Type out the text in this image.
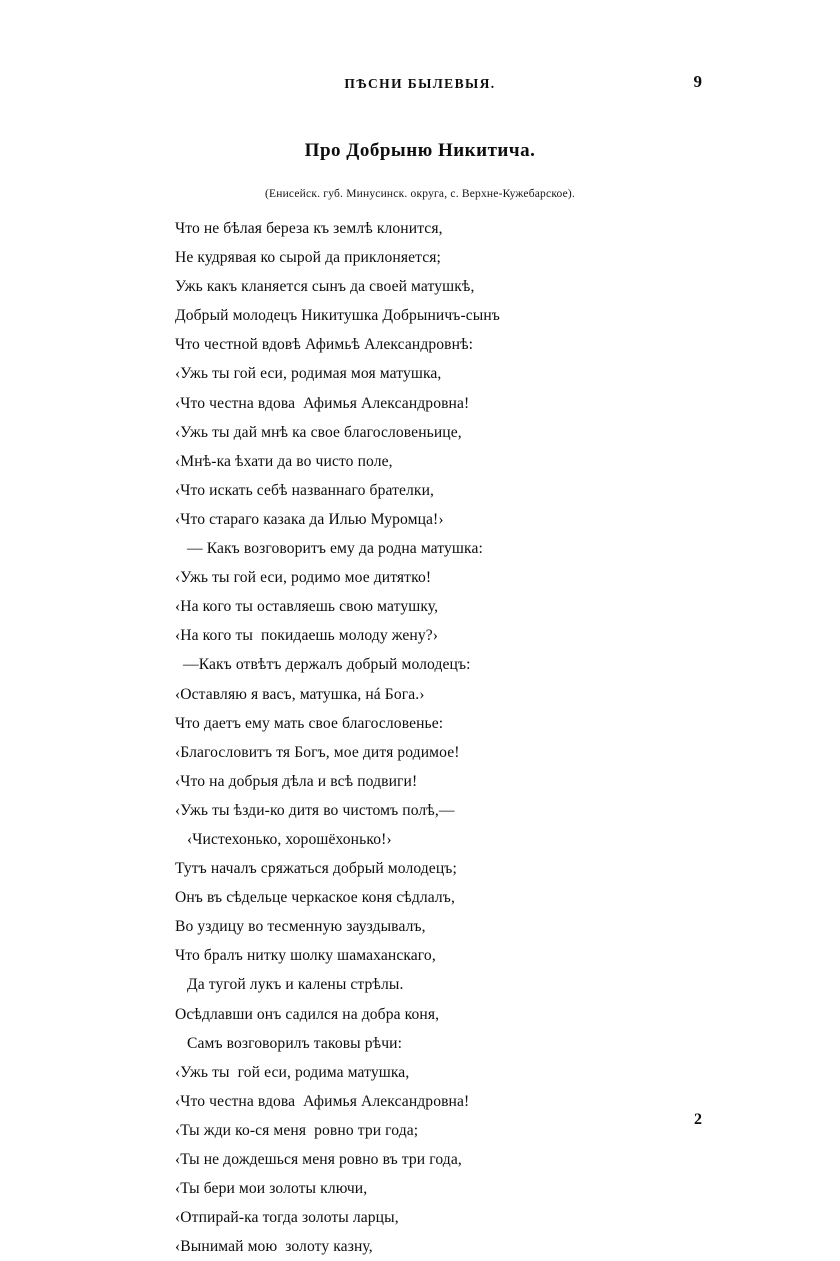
ПѢСНИ БЫЛЕВЫЯ.	9
Про Добрыню Никитича.
(Енисейск. губ. Минусинск. округа, с. Верхне-Кужебарское).
Что не бѣлая береза къ землѣ клонится,
Не кудрявая ко сырой да приклоняется;
Ужь какъ кланяется сынъ да своей матушкѣ,
Добрый молодецъ Никитушка Добрыничъ-сынъ
Что честной вдовѣ Афимьѣ Александровнѣ:
‹Ужь ты гой еси, родимая моя матушка,
‹Что честна вдова  Афимья Александровна!
‹Ужь ты дай мнѣ ка свое благословеньице,
‹Мнѣ-ка ѣхати да во чисто поле,
‹Что искать себѣ названнаго брателки,
‹Что стараго казака да Илью Муромца!›
— Какъ возговоритъ ему да родна матушка:
‹Ужь ты гой еси, родимо мое дитятко!
‹На кого ты оставляешь свою матушку,
‹На кого ты  покидаешь молоду жену?›
—Какъ отвѣтъ держалъ добрый молодецъ:
‹Оставляю я васъ, матушка, нá Бога.›
Что даетъ ему мать свое благословенье:
‹Благословитъ тя Богъ, мое дитя родимое!
‹Что на добрыя дѣла и всѣ подвиги!
‹Ужь ты ѣзди-ко дитя во чистомъ полѣ,—
‹Чистехонько, хорошёхонько!›
Тутъ началъ сряжаться добрый молодецъ;
Онъ въ сѣдельце черкаское коня сѣдлалъ,
Во уздицу во тесменную зауздывалъ,
Что бралъ нитку шолку шамаханскаго,
Да тугой лукъ и калены стрѣлы.
Осѣдлавши онъ садился на добра коня,
Самъ возговорилъ таковы рѣчи:
‹Ужь ты  гой еси, родима матушка,
‹Что честна вдова  Афимья Александровна!
‹Ты жди ко-ся меня  ровно три года;
‹Ты не дождешься меня ровно въ три года,
‹Ты бери мои золоты ключи,
‹Отпирай-ка тогда золоты ларцы,
‹Вынимай мою  золоту казну,
2
